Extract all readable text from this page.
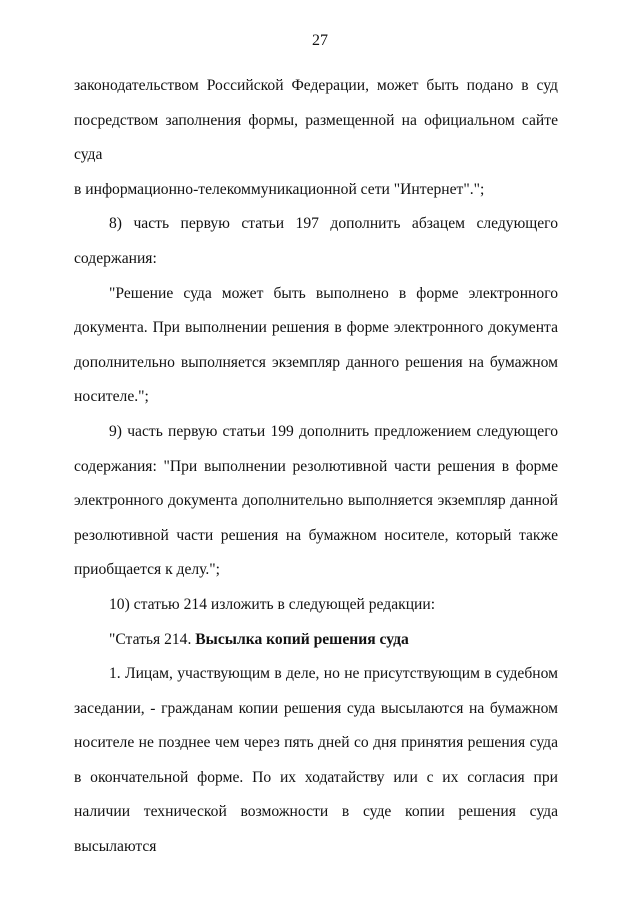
27

законодательством Российской Федерации, может быть подано в суд посредством заполнения формы, размещенной на официальном сайте суда

в информационно-телекоммуникационной сети "Интернет".";

8) часть первую статьи 197 дополнить абзацем следующего

содержания:

"Решение суда может быть выполнено в форме электронного документа. При выполнении решения в форме электронного документа дополнительно выполняется экземпляр данного решения на бумажном

носителе.";

9) часть первую статьи 199 дополнить предложением следующего содержания: "При выполнении резолютивной части решения в форме электронного документа дополнительно выполняется экземпляр данной резолютивной части решения на бумажном носителе, который также

приобщается к делу.";

10) статью 214 изложить в следующей редакции:

"Статья 214. Высылка копий решения суда

1. Лицам, участвующим в деле, но не присутствующим в судебном заседании, - гражданам копии решения суда высылаются на бумажном носителе не позднее чем через пять дней со дня принятия решения суда в окончательной форме. По их ходатайству или с их согласия при наличии технической возможности в суде копии решения суда высылаются
